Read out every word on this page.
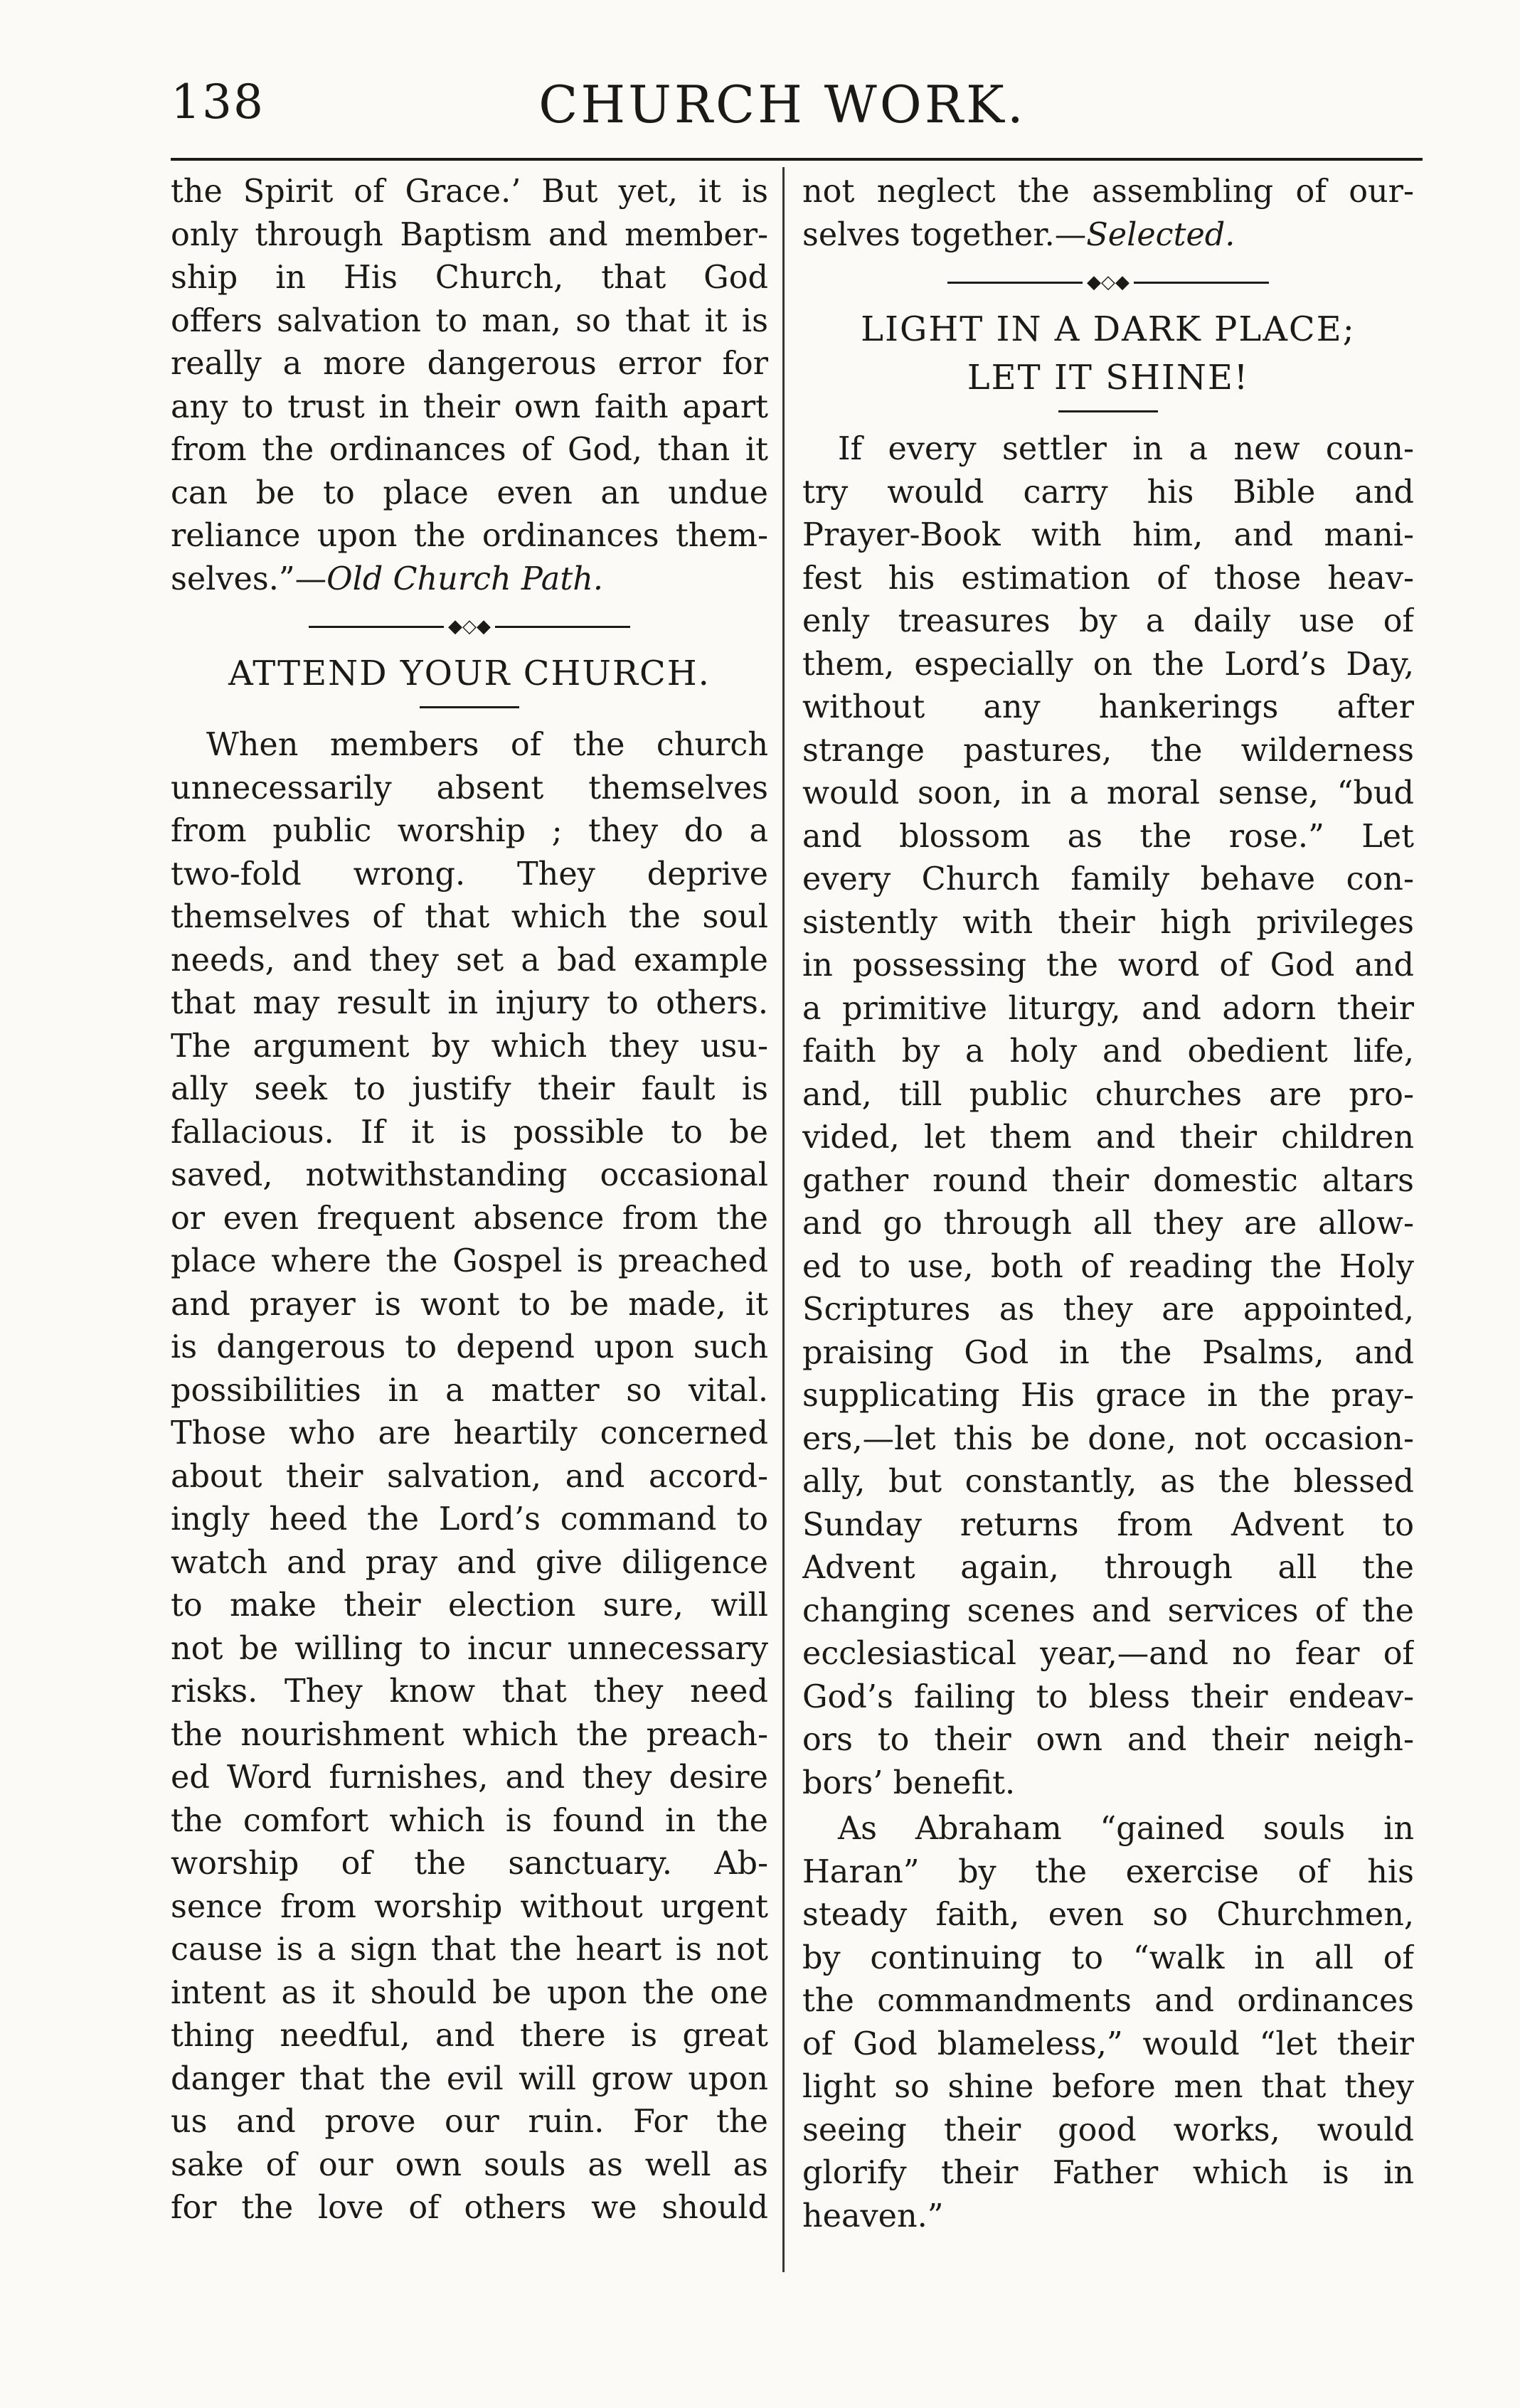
138	CHURCH WORK.
the Spirit of Grace.’ But yet, it is
only through Baptism and member-
ship in His Church, that God
offers salvation to man, so that it is
really a more dangerous error for
any to trust in their own faith apart
from the ordinances of God, than it
can be to place even an undue
reliance upon the ordinances them-
selves.”—Old Church Path.
◆◇◆
ATTEND YOUR CHURCH.
When members of the church
unnecessarily absent themselves
from public worship ; they do a
two-fold wrong. They deprive
themselves of that which the soul
needs, and they set a bad example
that may result in injury to others.
The argument by which they usu-
ally seek to justify their fault is
fallacious. If it is possible to be
saved, notwithstanding occasional
or even frequent absence from the
place where the Gospel is preached
and prayer is wont to be made, it
is dangerous to depend upon such
possibilities in a matter so vital.
Those who are heartily concerned
about their salvation, and accord-
ingly heed the Lord’s command to
watch and pray and give diligence
to make their election sure, will
not be willing to incur unnecessary
risks. They know that they need
the nourishment which the preach-
ed Word furnishes, and they desire
the comfort which is found in the
worship of the sanctuary. Ab-
sence from worship without urgent
cause is a sign that the heart is not
intent as it should be upon the one
thing needful, and there is great
danger that the evil will grow upon
us and prove our ruin. For the
sake of our own souls as well as
for the love of others we should
not neglect the assembling of our-
selves together.—Selected.
◆◇◆
LIGHT IN A DARK PLACE;
LET IT SHINE!
If every settler in a new coun-
try would carry his Bible and
Prayer-Book with him, and mani-
fest his estimation of those heav-
enly treasures by a daily use of
them, especially on the Lord’s Day,
without any hankerings after
strange pastures, the wilderness
would soon, in a moral sense, “bud
and blossom as the rose.” Let
every Church family behave con-
sistently with their high privileges
in possessing the word of God and
a primitive liturgy, and adorn their
faith by a holy and obedient life,
and, till public churches are pro-
vided, let them and their children
gather round their domestic altars
and go through all they are allow-
ed to use, both of reading the Holy
Scriptures as they are appointed,
praising God in the Psalms, and
supplicating His grace in the pray-
ers,—let this be done, not occasion-
ally, but constantly, as the blessed
Sunday returns from Advent to
Advent again, through all the
changing scenes and services of the
ecclesiastical year,—and no fear of
God’s failing to bless their endeav-
ors to their own and their neigh-
bors’ benefit.
As Abraham “gained souls in
Haran” by the exercise of his
steady faith, even so Churchmen,
by continuing to “walk in all of
the commandments and ordinances
of God blameless,” would “let their
light so shine before men that they
seeing their good works, would
glorify their Father which is in
heaven.”
